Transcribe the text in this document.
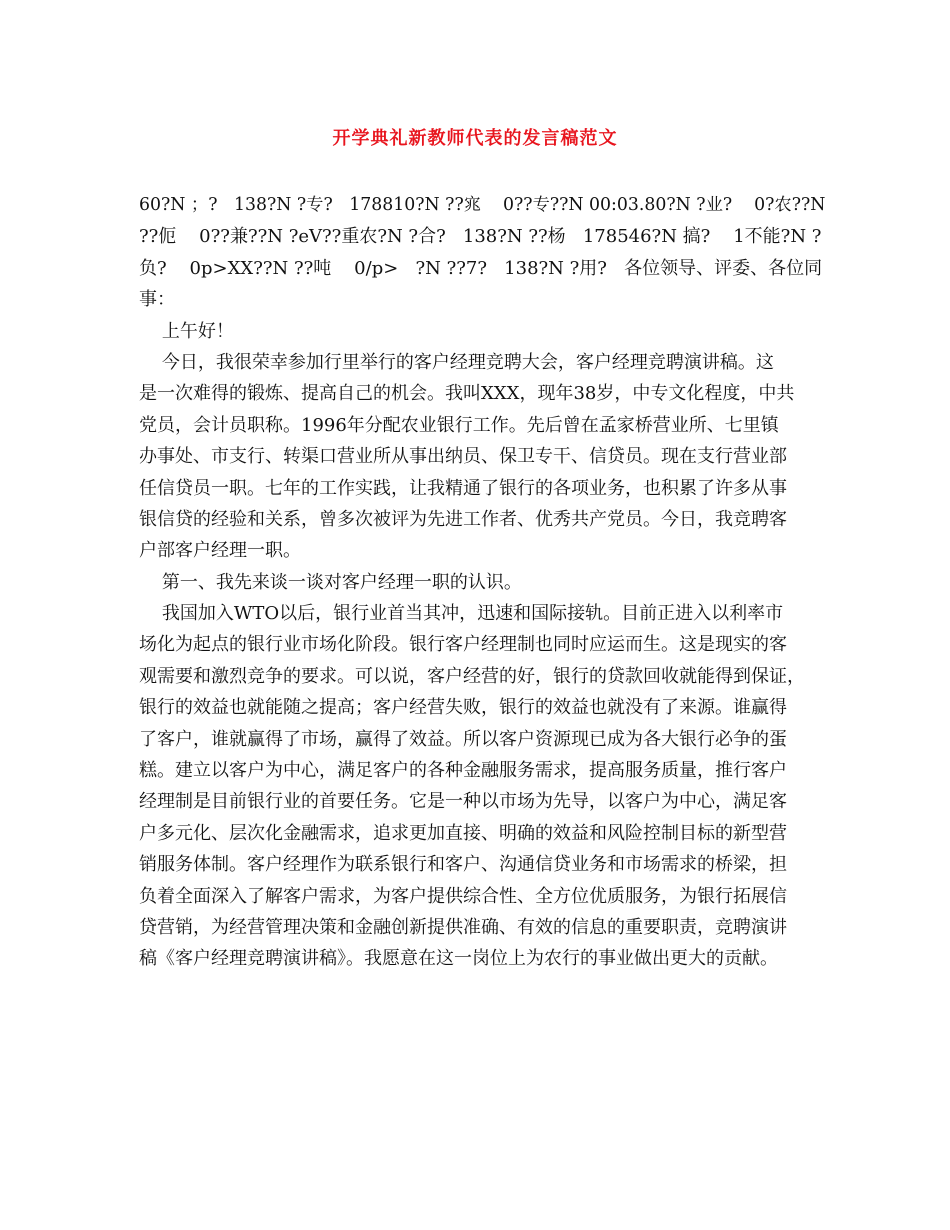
开学典礼新教师代表的发言稿范文
60?N ；?   138?N ?专?   178810?N ??宨    0??专??N 00:03.80?N ?业?    0?农??N
??伌    0??兼??N ?eV??重农?N ?合?   138?N ??杨   178546?N 搞?    1不能?N ?
负?    0p>XX??N ??吨    0/p>   ?N ??7?   138?N ?用?   各位领导、评委、各位同
事：
上午好！
今日，我很荣幸参加行里举行的客户经理竞聘大会，客户经理竞聘演讲稿。这
是一次难得的锻炼、提高自己的机会。我叫XXX，现年38岁，中专文化程度，中共
党员，会计员职称。1996年分配农业银行工作。先后曾在孟家桥营业所、七里镇
办事处、市支行、转渠口营业所从事出纳员、保卫专干、信贷员。现在支行营业部
任信贷员一职。七年的工作实践，让我精通了银行的各项业务，也积累了许多从事
银信贷的经验和关系，曾多次被评为先进工作者、优秀共产党员。今日，我竞聘客
户部客户经理一职。
第一、我先来谈一谈对客户经理一职的认识。
我国加入WTO以后，银行业首当其冲，迅速和国际接轨。目前正进入以利率市
场化为起点的银行业市场化阶段。银行客户经理制也同时应运而生。这是现实的客
观需要和激烈竞争的要求。可以说，客户经营的好，银行的贷款回收就能得到保证，
银行的效益也就能随之提高；客户经营失败，银行的效益也就没有了来源。谁赢得
了客户，谁就赢得了市场，赢得了效益。所以客户资源现已成为各大银行必争的蛋
糕。建立以客户为中心，满足客户的各种金融服务需求，提高服务质量，推行客户
经理制是目前银行业的首要任务。它是一种以市场为先导，以客户为中心，满足客
户多元化、层次化金融需求，追求更加直接、明确的效益和风险控制目标的新型营
销服务体制。客户经理作为联系银行和客户、沟通信贷业务和市场需求的桥梁，担
负着全面深入了解客户需求，为客户提供综合性、全方位优质服务，为银行拓展信
贷营销，为经营管理决策和金融创新提供准确、有效的信息的重要职责，竞聘演讲
稿《客户经理竞聘演讲稿》。我愿意在这一岗位上为农行的事业做出更大的贡献。
